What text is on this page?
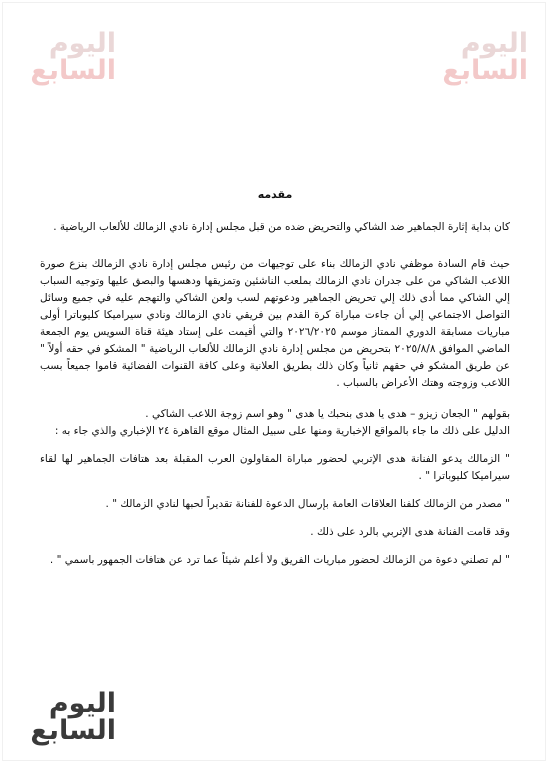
اليوم
السابع
اليوم
السابع
اليوم
السابع
مقدمه

كان بداية إثارة الجماهير ضد الشاكي والتحريض ضده من قبل مجلس إدارة نادي الزمالك للألعاب الرياضية .

حيث قام السادة موظفي نادي الزمالك بناء على توجيهات من رئيس مجلس إدارة نادي الزمالك بنزع صورة اللاعب الشاكي من على جدران نادي الزمالك بملعب الناشئين وتمزيقها ودهسها والبصق عليها وتوجيه السباب إلي الشاكي مما أدى ذلك إلي تحريض الجماهير ودعوتهم لسب ولعن الشاكي والتهجم عليه في جميع وسائل التواصل الاجتماعي إلي أن جاءت مباراة كرة القدم بين فريقي نادي الزمالك ونادي سيراميكا كليوباترا أولى مباريات مسابقة الدوري الممتاز موسم ٢٠٢٦/٢٠٢٥ والتي أقيمت على إستاد هيئة قناة السويس يوم الجمعة الماضي الموافق ٢٠٢٥/٨/٨ بتحريض من مجلس إدارة نادي الزمالك للألعاب الرياضية " المشكو في حقه أولاً " عن طريق المشكو في حقهم ثانياً وكان ذلك بطريق العلانية وعلى كافة القنوات الفضائية قاموا جميعاً بسب اللاعب وزوجته وهتك الأعراض بالسباب .

بقولهم " الجعان زيزو – هدى يا هدى بنحبك يا هدى " وهو اسم زوجة اللاعب الشاكي .

الدليل على ذلك ما جاء بالمواقع الإخبارية ومنها على سبيل المثال موقع القاهرة ٢٤ الإخباري والذي جاء به :

" الزمالك يدعو الفنانة هدى الإتربي لحضور مباراة المقاولون العرب المقبلة بعد هتافات الجماهير لها لقاء سيراميكا كليوباترا " .

" مصدر من الزمالك كلفنا العلاقات العامة بإرسال الدعوة للفنانة تقديراً لحبها لنادي الزمالك " .

وقد قامت الفنانة هدى الإتربي بالرد على ذلك .

" لم تصلني دعوة من الزمالك لحضور مباريات الفريق ولا أعلم شيئاً عما ترد عن هتافات الجمهور باسمي " .
